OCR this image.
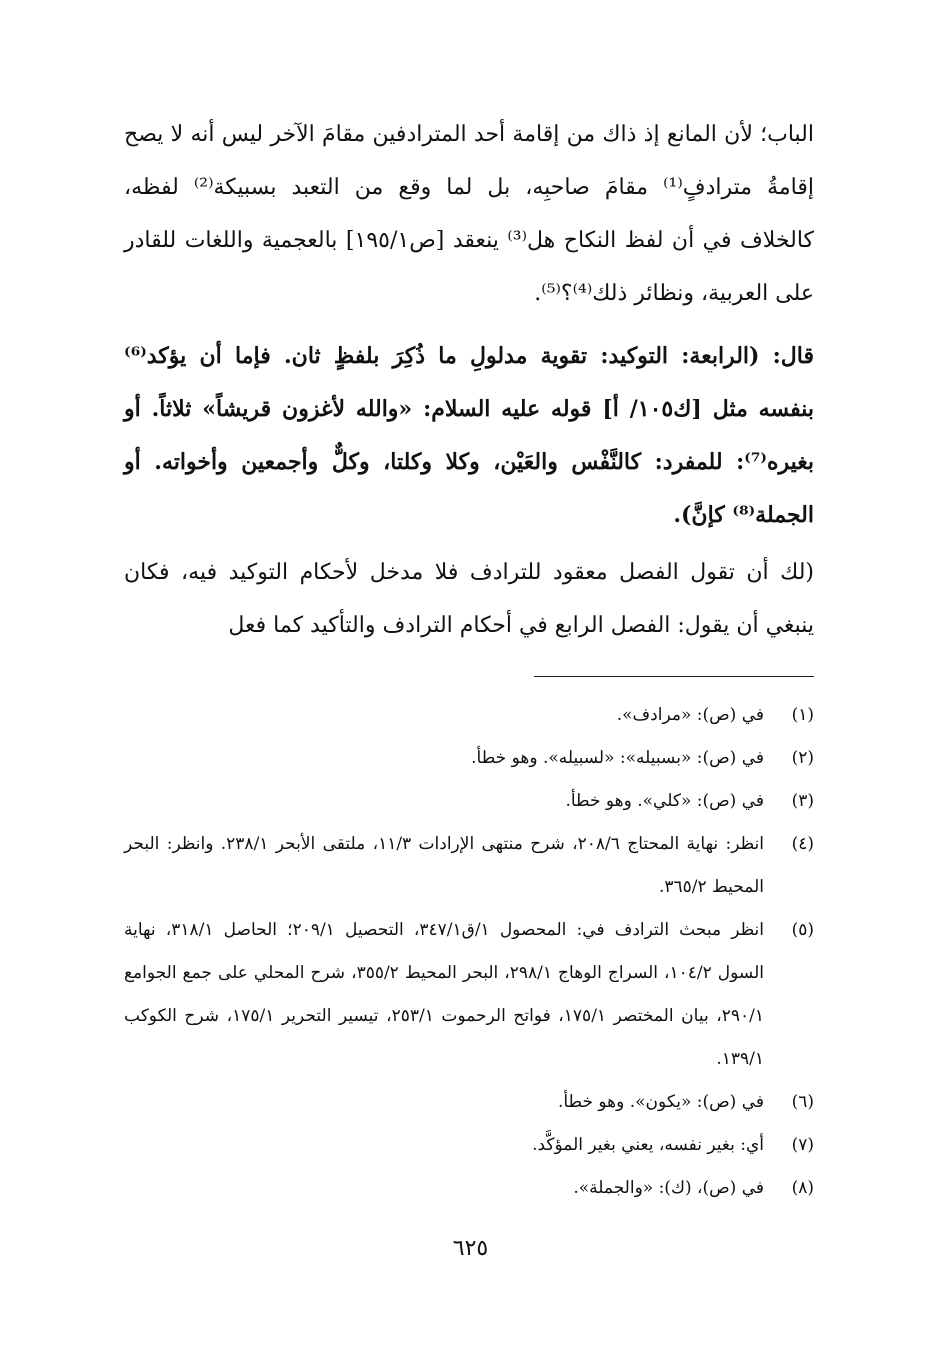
الباب؛ لأن المانع إذ ذاك من إقامة أحد المترادفين مقامَ الآخر ليس أنه لا يصح إقامةُ مترادفٍ⁽¹⁾ مقامَ صاحبِه، بل لما وقع من التعبد بسبيكة⁽²⁾ لفظه، كالخلاف في أن لفظ النكاح هل⁽³⁾ ينعقد [ص١٩٥/١] بالعجمية واللغات للقادر على العربية، ونظائر ذلك⁽⁴⁾؟⁽⁵⁾.

قال: (الرابعة: التوكيد: تقوية مدلولِ ما ذُكِرَ بلفظٍ ثان. فإما أن يؤكد⁽⁶⁾ بنفسه مثل [ك١٠٥/ أ] قوله عليه السلام: «والله لأغزون قريشاً» ثلاثاً. أو بغيره⁽⁷⁾: للمفرد: كالنَّفْس والعَيْن، وكلا وكلتا، وكلٌّ وأجمعين وأخواته. أو الجملة⁽⁸⁾ كإنَّ).

(لك أن تقول الفصل معقود للترادف فلا مدخل لأحكام التوكيد فيه، فكان ينبغي أن يقول: الفصل الرابع في أحكام الترادف والتأكيد كما فعل

(١)
في (ص): «مرادف».
(٢)
في (ص): «بسبيله»: «لسبيله». وهو خطأ.
(٣)
في (ص): «كلي». وهو خطأ.
(٤)
انظر: نهاية المحتاج ٢٠٨/٦، شرح منتهى الإرادات ١١/٣، ملتقى الأبحر ٢٣٨/١. وانظر: البحر المحيط ٣٦٥/٢.
(٥)
انظر مبحث الترادف في: المحصول ١/ق٣٤٧/١، التحصيل ٢٠٩/١؛ الحاصل ٣١٨/١، نهاية السول ١٠٤/٢، السراج الوهاج ٢٩٨/١، البحر المحيط ٣٥٥/٢، شرح المحلي على جمع الجوامع ٢٩٠/١، بيان المختصر ١٧٥/١، فواتح الرحموت ٢٥٣/١، تيسير التحرير ١٧٥/١، شرح الكوكب ١٣٩/١.
(٦)
في (ص): «يكون». وهو خطأ.
(٧)
أي: بغير نفسه، يعني بغير المؤكَّد.
(٨)
في (ص)، (ك): «والجملة».
٦٢٥
